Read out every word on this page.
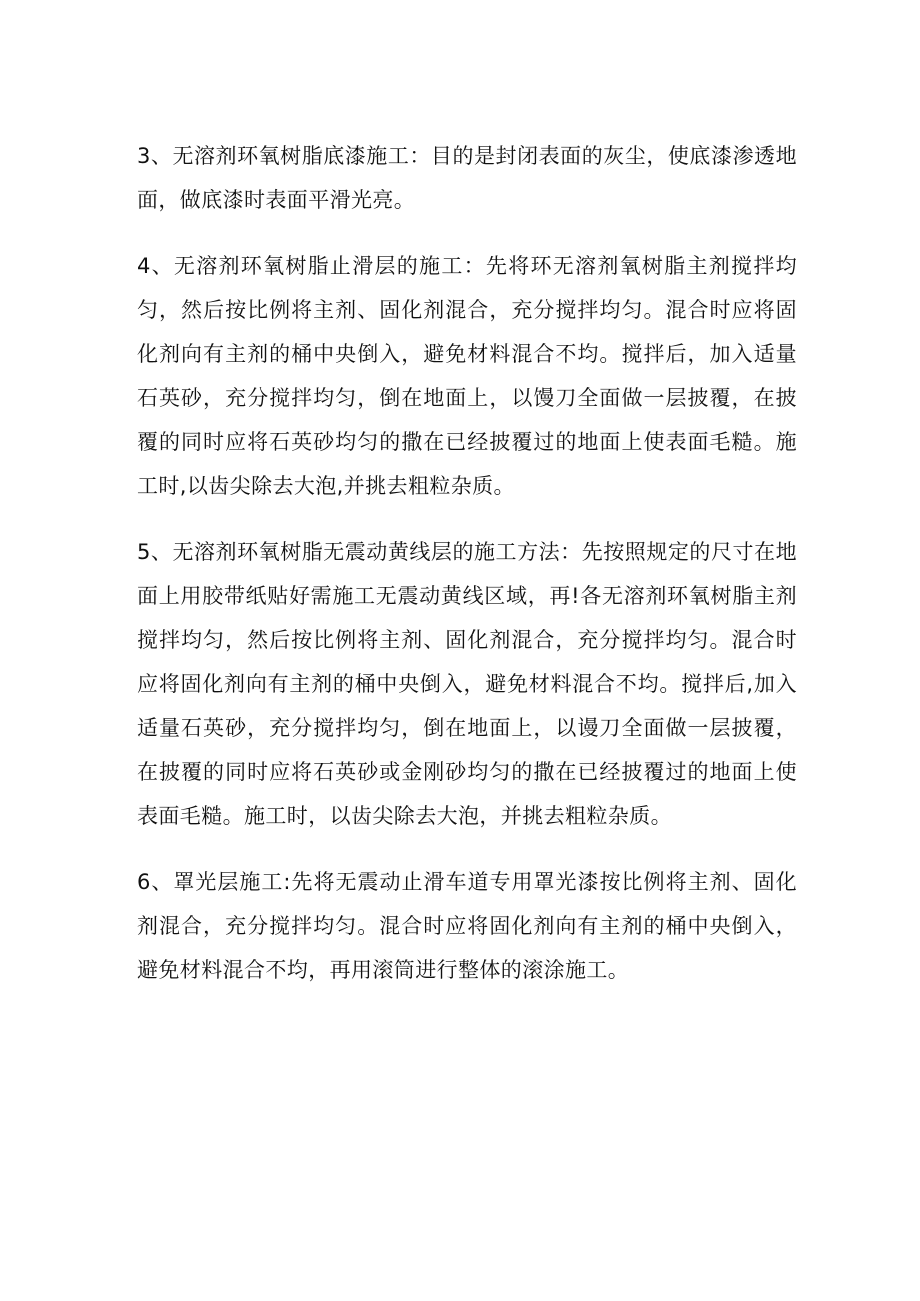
3、无溶剂环氧树脂底漆施工：目的是封闭表面的灰尘，使底漆渗透地面，做底漆时表面平滑光亮。

4、无溶剂环氧树脂止滑层的施工：先将环无溶剂氧树脂主剂搅拌均匀，然后按比例将主剂、固化剂混合，充分搅拌均匀。混合时应将固化剂向有主剂的桶中央倒入，避免材料混合不均。搅拌后，加入适量石英砂，充分搅拌均匀，倒在地面上，以馒刀全面做一层披覆，在披覆的同时应将石英砂均匀的撒在已经披覆过的地面上使表面毛糙。施工时,以齿尖除去大泡,并挑去粗粒杂质。

5、无溶剂环氧树脂无震动黄线层的施工方法：先按照规定的尺寸在地面上用胶带纸贴好需施工无震动黄线区域，再!各无溶剂环氧树脂主剂搅拌均匀，然后按比例将主剂、固化剂混合，充分搅拌均匀。混合时应将固化剂向有主剂的桶中央倒入，避免材料混合不均。搅拌后,加入适量石英砂，充分搅拌均匀，倒在地面上，以谩刀全面做一层披覆，在披覆的同时应将石英砂或金刚砂均匀的撒在已经披覆过的地面上使表面毛糙。施工时，以齿尖除去大泡，并挑去粗粒杂质。

6、罩光层施工:先将无震动止滑车道专用罩光漆按比例将主剂、固化剂混合，充分搅拌均匀。混合时应将固化剂向有主剂的桶中央倒入，避免材料混合不均，再用滚筒进行整体的滚涂施工。
